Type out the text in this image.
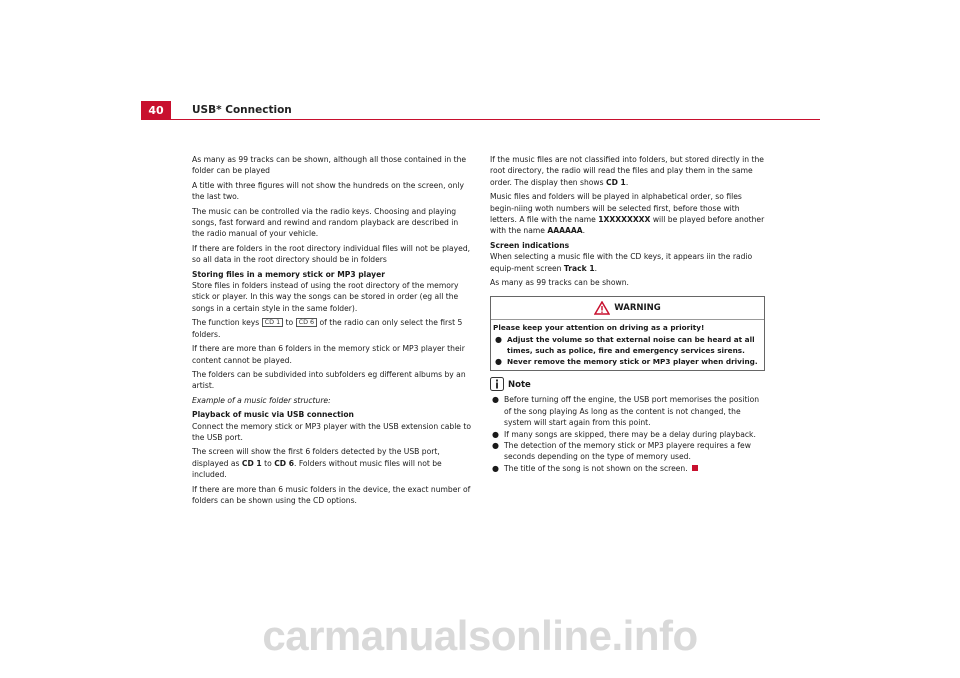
40	USB* Connection

As many as 99 tracks can be shown, although all those contained in the folder can be played

A title with three figures will not show the hundreds on the screen, only the last two.

The music can be controlled via the radio keys. Choosing and playing songs, fast forward and rewind and random playback are described in the radio manual of your vehicle.

If there are folders in the root directory individual files will not be played, so all data in the root directory should be in folders

Storing files in a memory stick or MP3 player

Store files in folders instead of using the root directory of the memory stick or player. In this way the songs can be stored in order (eg all the songs in a certain style in the same folder).

The function keys CD 1 to CD 6 of the radio can only select the first 5 folders.

If there are more than 6 folders in the memory stick or MP3 player their content cannot be played.

The folders can be subdivided into subfolders eg different albums by an artist.

Example of a music folder structure:

Playback of music via USB connection

Connect the memory stick or MP3 player with the USB extension cable to the USB port.

The screen will show the first 6 folders detected by the USB port, displayed as CD 1 to CD 6. Folders without music files will not be included.

If there are more than 6 music folders in the device, the exact number of folders can be shown using the CD options.

If the music files are not classified into folders, but stored directly in the root directory, the radio will read the files and play them in the same order. The display then shows CD 1.

Music files and folders will be played in alphabetical order, so files begin-niing woth numbers will be selected first, before those with letters. A file with the name 1XXXXXXXX will be played before another with the name AAAAAA.

Screen indications

When selecting a music file with the CD keys, it appears iin the radio equip-ment screen Track 1.

As many as 99 tracks can be shown.

WARNING

Please keep your attention on driving as a priority!

● Adjust the volume so that external noise can be heard at all times, such as police, fire and emergency services sirens.

● Never remove the memory stick or MP3 player when driving.

Note

● Before turning off the engine, the USB port memorises the position of the song playing As long as the content is not changed, the system will start again from this point.

● If many songs are skipped, there may be a delay during playback.

● The detection of the memory stick or MP3 playere requires a few seconds depending on the type of memory used.

● The title of the song is not shown on the screen.

carmanualsonline.info
